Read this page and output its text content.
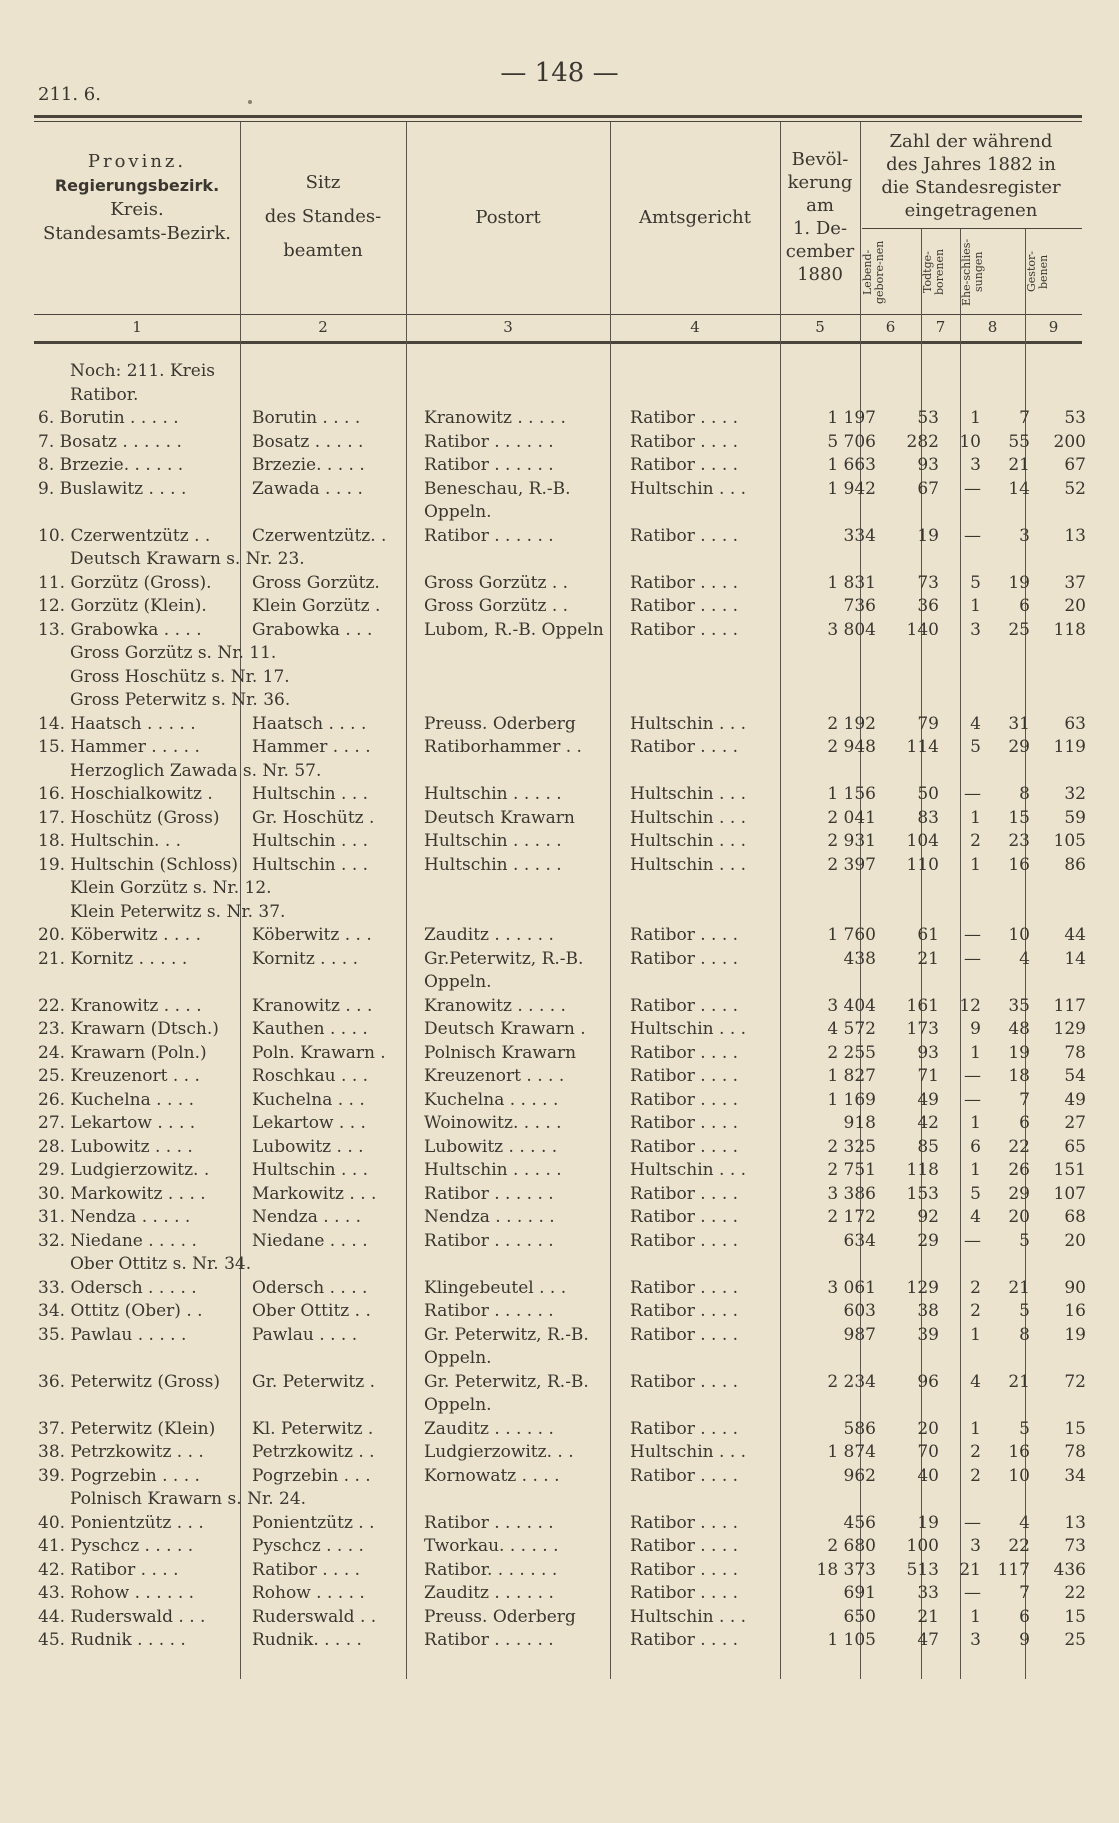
211. 6.
— 148 —
Provinz.
Regierungsbezirk.
Kreis.
Standesamts-Bezirk.
Sitz
des Standes-
beamten
Postort	Amtsgericht
Bevöl-
kerung
am
1. De-
cember
1880
Zahl der während
des Jahres 1882 in
die Standesregister
eingetragenen
Lebend-gebore-nen	Todtge-borenen	Ehe-schlies-sungen	Gestor-benen
1	2	3	4	5	6	7	8	9
Noch: 211. Kreis								
Ratibor.								
6. Borutin . . . . .	Borutin . . . .	Kranowitz . . . . .	Ratibor . . . .	1 197	53	1	7	53
7. Bosatz . . . . . .	Bosatz . . . . .	Ratibor . . . . . .	Ratibor . . . .	5 706	282	10	55	200
8. Brzezie. . . . . .	Brzezie. . . . .	Ratibor . . . . . .	Ratibor . . . .	1 663	93	3	21	67
9. Buslawitz . . . .	Zawada . . . .	Beneschau, R.-B.	Hultschin . . .	1 942	67	—	14	52
		Oppeln.						
10. Czerwentzütz . .	Czerwentzütz. .	Ratibor . . . . . .	Ratibor . . . .	334	19	—	3	13
Deutsch Krawarn s. Nr. 23.								
11. Gorzütz (Gross).	Gross Gorzütz.	Gross Gorzütz . .	Ratibor . . . .	1 831	73	5	19	37
12. Gorzütz (Klein).	Klein Gorzütz .	Gross Gorzütz . .	Ratibor . . . .	736	36	1	6	20
13. Grabowka . . . .	Grabowka . . .	Lubom, R.-B. Oppeln	Ratibor . . . .	3 804	140	3	25	118
Gross Gorzütz s. Nr. 11.								
Gross Hoschütz s. Nr. 17.								
Gross Peterwitz s. Nr. 36.								
14. Haatsch . . . . .	Haatsch . . . .	Preuss. Oderberg	Hultschin . . .	2 192	79	4	31	63
15. Hammer . . . . .	Hammer . . . .	Ratiborhammer . .	Ratibor . . . .	2 948	114	5	29	119
Herzoglich Zawada s. Nr. 57.								
16. Hoschialkowitz .	Hultschin . . .	Hultschin . . . . .	Hultschin . . .	1 156	50	—	8	32
17. Hoschütz (Gross)	Gr. Hoschütz .	Deutsch Krawarn	Hultschin . . .	2 041	83	1	15	59
18. Hultschin. . .	Hultschin . . .	Hultschin . . . . .	Hultschin . . .	2 931	104	2	23	105
19. Hultschin (Schloss)	Hultschin . . .	Hultschin . . . . .	Hultschin . . .	2 397	110	1	16	86
Klein Gorzütz s. Nr. 12.								
Klein Peterwitz s. Nr. 37.								
20. Köberwitz . . . .	Köberwitz . . .	Zauditz . . . . . .	Ratibor . . . .	1 760	61	—	10	44
21. Kornitz . . . . .	Kornitz . . . .	Gr.Peterwitz, R.-B.	Ratibor . . . .	438	21	—	4	14
		Oppeln.						
22. Kranowitz . . . .	Kranowitz . . .	Kranowitz . . . . .	Ratibor . . . .	3 404	161	12	35	117
23. Krawarn (Dtsch.)	Kauthen . . . .	Deutsch Krawarn .	Hultschin . . .	4 572	173	9	48	129
24. Krawarn (Poln.)	Poln. Krawarn .	Polnisch Krawarn	Ratibor . . . .	2 255	93	1	19	78
25. Kreuzenort . . .	Roschkau . . .	Kreuzenort . . . .	Ratibor . . . .	1 827	71	—	18	54
26. Kuchelna . . . .	Kuchelna . . .	Kuchelna . . . . .	Ratibor . . . .	1 169	49	—	7	49
27. Lekartow . . . .	Lekartow . . .	Woinowitz. . . . .	Ratibor . . . .	918	42	1	6	27
28. Lubowitz . . . .	Lubowitz . . .	Lubowitz . . . . .	Ratibor . . . .	2 325	85	6	22	65
29. Ludgierzowitz. .	Hultschin . . .	Hultschin . . . . .	Hultschin . . .	2 751	118	1	26	151
30. Markowitz . . . .	Markowitz . . .	Ratibor . . . . . .	Ratibor . . . .	3 386	153	5	29	107
31. Nendza . . . . .	Nendza . . . .	Nendza . . . . . .	Ratibor . . . .	2 172	92	4	20	68
32. Niedane . . . . .	Niedane . . . .	Ratibor . . . . . .	Ratibor . . . .	634	29	—	5	20
Ober Ottitz s. Nr. 34.								
33. Odersch . . . . .	Odersch . . . .	Klingebeutel . . .	Ratibor . . . .	3 061	129	2	21	90
34. Ottitz (Ober) . .	Ober Ottitz . .	Ratibor . . . . . .	Ratibor . . . .	603	38	2	5	16
35. Pawlau . . . . .	Pawlau . . . .	Gr. Peterwitz, R.-B.	Ratibor . . . .	987	39	1	8	19
		Oppeln.						
36. Peterwitz (Gross)	Gr. Peterwitz .	Gr. Peterwitz, R.-B.	Ratibor . . . .	2 234	96	4	21	72
		Oppeln.						
37. Peterwitz (Klein)	Kl. Peterwitz .	Zauditz . . . . . .	Ratibor . . . .	586	20	1	5	15
38. Petrzkowitz . . .	Petrzkowitz . .	Ludgierzowitz. . .	Hultschin . . .	1 874	70	2	16	78
39. Pogrzebin . . . .	Pogrzebin . . .	Kornowatz . . . .	Ratibor . . . .	962	40	2	10	34
Polnisch Krawarn s. Nr. 24.								
40. Ponientzütz . . .	Ponientzütz . .	Ratibor . . . . . .	Ratibor . . . .	456	19	—	4	13
41. Pyschcz . . . . .	Pyschcz . . . .	Tworkau. . . . . .	Ratibor . . . .	2 680	100	3	22	73
42. Ratibor . . . .	Ratibor . . . .	Ratibor. . . . . . .	Ratibor . . . .	18 373	513	21	117	436
43. Rohow . . . . . .	Rohow . . . . .	Zauditz . . . . . .	Ratibor . . . .	691	33	—	7	22
44. Ruderswald . . .	Ruderswald . .	Preuss. Oderberg	Hultschin . . .	650	21	1	6	15
45. Rudnik . . . . .	Rudnik. . . . .	Ratibor . . . . . .	Ratibor . . . .	1 105	47	3	9	25
